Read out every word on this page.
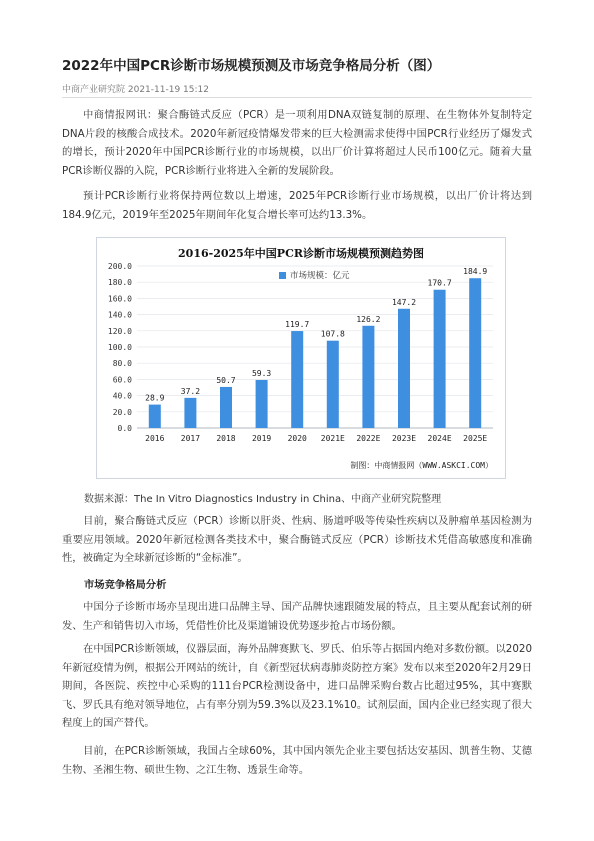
2022年中国PCR诊断市场规模预测及市场竞争格局分析（图）
中商产业研究院 2021-11-19 15:12

中商情报网讯：聚合酶链式反应（PCR）是一项利用DNA双链复制的原理、在生物体外复制特定DNA片段的核酸合成技术。2020年新冠疫情爆发带来的巨大检测需求使得中国PCR行业经历了爆发式的增长，预计2020年中国PCR诊断行业的市场规模，以出厂价计算将超过人民币100亿元。随着大量PCR诊断仪器的入院，PCR诊断行业将进入全新的发展阶段。

预计PCR诊断行业将保持两位数以上增速，2025年PCR诊断行业市场规模，以出厂价计将达到184.9亿元，2019年至2025年期间年化复合增长率可达约13.3%。

2016-2025年中国PCR诊断市场规模预测趋势图
市场规模：亿元
0.0
20.0
40.0
60.0
80.0
100.0
120.0
140.0
160.0
180.0
200.0
28.9
2016
37.2
2017
50.7
2018
59.3
2019
119.7
2020
107.8
2021E
126.2
2022E
147.2
2023E
170.7
2024E
184.9
2025E
制图：中商情报网（WWW.ASKCI.COM）
数据来源：The In Vitro Diagnostics Industry in China、中商产业研究院整理

目前，聚合酶链式反应（PCR）诊断以肝炎、性病、肠道呼吸等传染性疾病以及肿瘤单基因检测为重要应用领域。2020年新冠检测各类技术中，聚合酶链式反应（PCR）诊断技术凭借高敏感度和准确性，被确定为全球新冠诊断的“金标准”。

市场竞争格局分析

中国分子诊断市场亦呈现出进口品牌主导、国产品牌快速跟随发展的特点，且主要从配套试剂的研发、生产和销售切入市场，凭借性价比及渠道铺设优势逐步抢占市场份额。

在中国PCR诊断领域，仪器层面，海外品牌赛默飞、罗氏、伯乐等占据国内绝对多数份额。以2020年新冠疫情为例，根据公开网站的统计，自《新型冠状病毒肺炎防控方案》发布以来至2020年2月29日期间，各医院、疾控中心采购的111台PCR检测设备中，进口品牌采购台数占比超过95%，其中赛默飞、罗氏具有绝对领导地位，占有率分别为59.3%以及23.1%10。试剂层面，国内企业已经实现了很大程度上的国产替代。

目前，在PCR诊断领域，我国占全球60%，其中国内领先企业主要包括达安基因、凯普生物、艾德生物、圣湘生物、硕世生物、之江生物、透景生命等。
